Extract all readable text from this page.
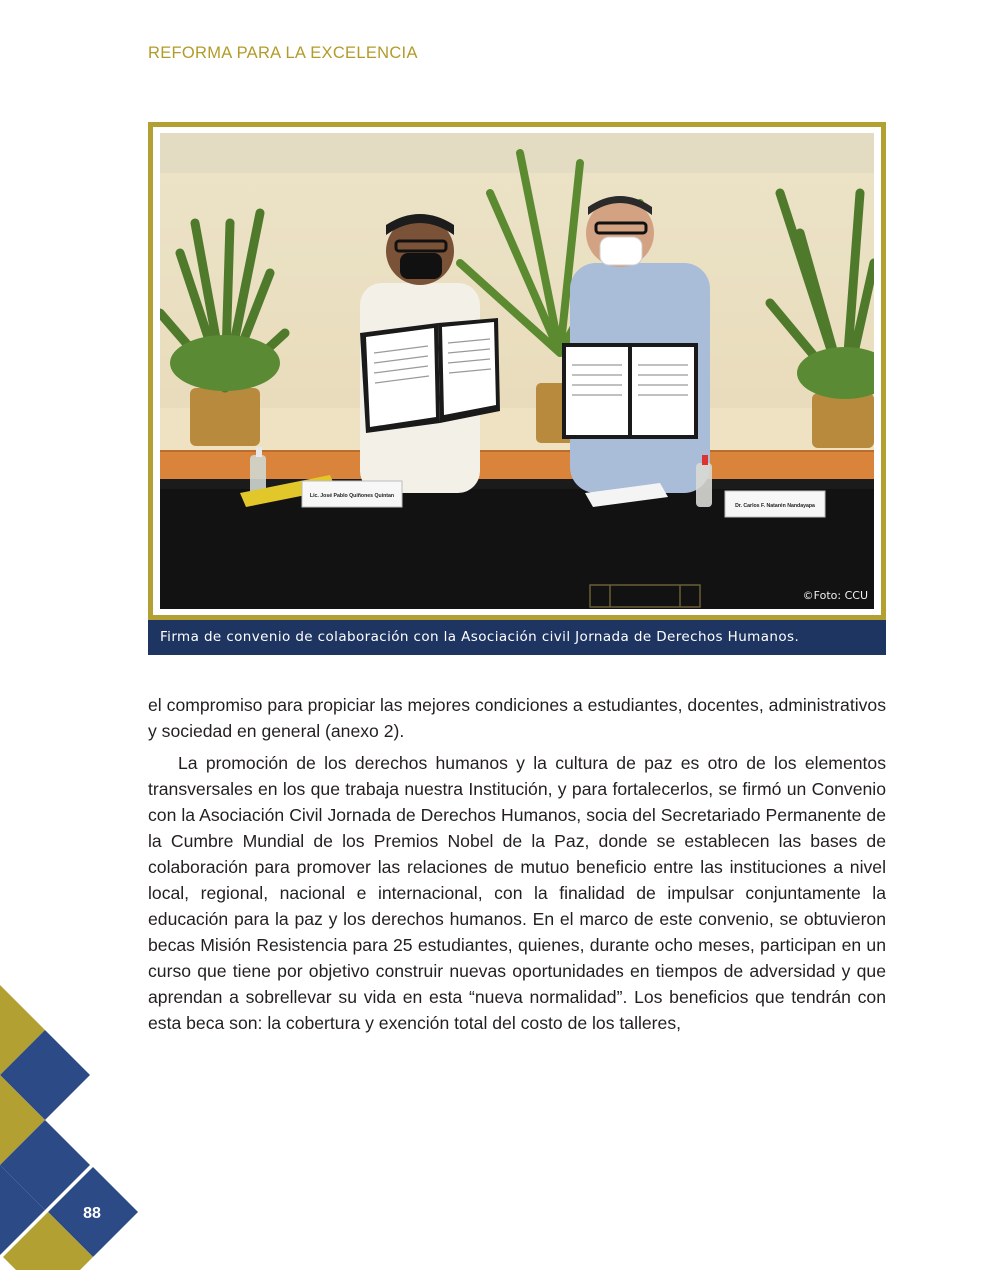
REFORMA PARA LA EXCELENCIA
Lic. José Pablo Quiñones Quintan
Dr. Carlos F. Natarén Nandayapa
©Foto: CCU
Firma de convenio de colaboración con la Asociación civil Jornada de Derechos Humanos.

el compromiso para propiciar las mejores condiciones a estudiantes, docentes, administrativos y sociedad en general (anexo 2).

La promoción de los derechos humanos y la cultura de paz es otro de los elementos transversales en los que trabaja nuestra Institución, y para fortalecerlos, se firmó un Convenio con la Asociación Civil Jornada de Derechos Humanos, socia del Secretariado Permanente de la Cumbre Mundial de los Premios Nobel de la Paz, donde se establecen las bases de colaboración para promover las relaciones de mutuo beneficio entre las instituciones a nivel local, regional, nacional e internacional, con la finalidad de impulsar conjuntamente la educación para la paz y los derechos humanos. En el marco de este convenio, se obtuvieron becas Misión Resistencia para 25 estudiantes, quienes, durante ocho meses, participan en un curso que tiene por objetivo construir nuevas oportunidades en tiempos de adversidad y que aprendan a sobrellevar su vida en esta “nueva normalidad”. Los beneficios que tendrán con esta beca son: la cobertura y exención total del costo de los talleres,

88
